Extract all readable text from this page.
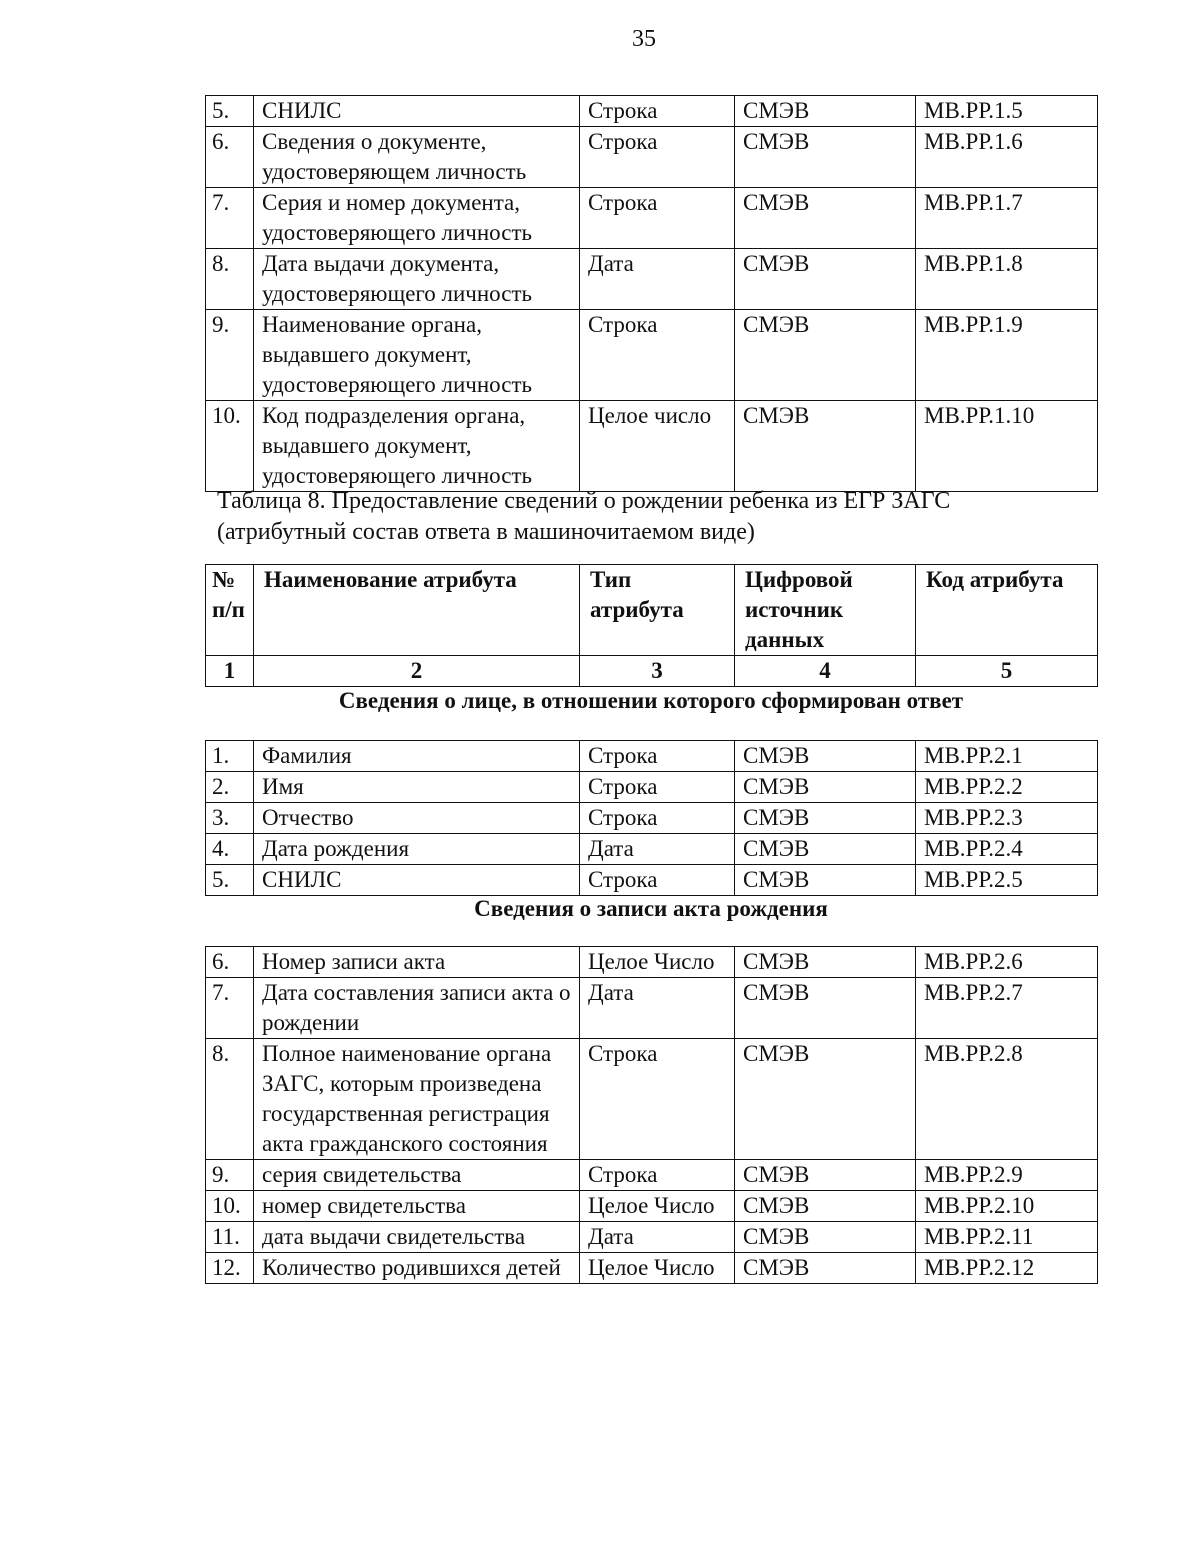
35
5.	СНИЛС	Строка	СМЭВ	МВ.РР.1.5
6.	Сведения о документе, удостоверяющем личность	Строка	СМЭВ	МВ.РР.1.6
7.	Серия и номер документа, удостоверяющего личность	Строка	СМЭВ	МВ.РР.1.7
8.	Дата выдачи документа, удостоверяющего личность	Дата	СМЭВ	МВ.РР.1.8
9.	Наименование органа, выдавшего документ, удостоверяющего личность	Строка	СМЭВ	МВ.РР.1.9
10.	Код подразделения органа, выдавшего документ, удостоверяющего личность	Целое число	СМЭВ	МВ.РР.1.10
Таблица 8. Предоставление сведений о рождении ребенка из ЕГР ЗАГС (атрибутный состав ответа в машиночитаемом виде)
№ п/п	Наименование атрибута	Тип атрибута	Цифровой источник данных	Код атрибута
1	2	3	4	5
Сведения о лице, в отношении которого сформирован ответ
1.	Фамилия	Строка	СМЭВ	МВ.РР.2.1
2.	Имя	Строка	СМЭВ	МВ.РР.2.2
3.	Отчество	Строка	СМЭВ	МВ.РР.2.3
4.	Дата рождения	Дата	СМЭВ	МВ.РР.2.4
5.	СНИЛС	Строка	СМЭВ	МВ.РР.2.5
Сведения о записи акта рождения
6.	Номер записи акта	Целое Число	СМЭВ	МВ.РР.2.6
7.	Дата составления записи акта о рождении	Дата	СМЭВ	МВ.РР.2.7
8.	Полное наименование органа ЗАГС, которым произведена государственная регистрация акта гражданского состояния	Строка	СМЭВ	МВ.РР.2.8
9.	серия свидетельства	Строка	СМЭВ	МВ.РР.2.9
10.	номер свидетельства	Целое Число	СМЭВ	МВ.РР.2.10
11.	дата выдачи свидетельства	Дата	СМЭВ	МВ.РР.2.11
12.	Количество родившихся детей	Целое Число	СМЭВ	МВ.РР.2.12
